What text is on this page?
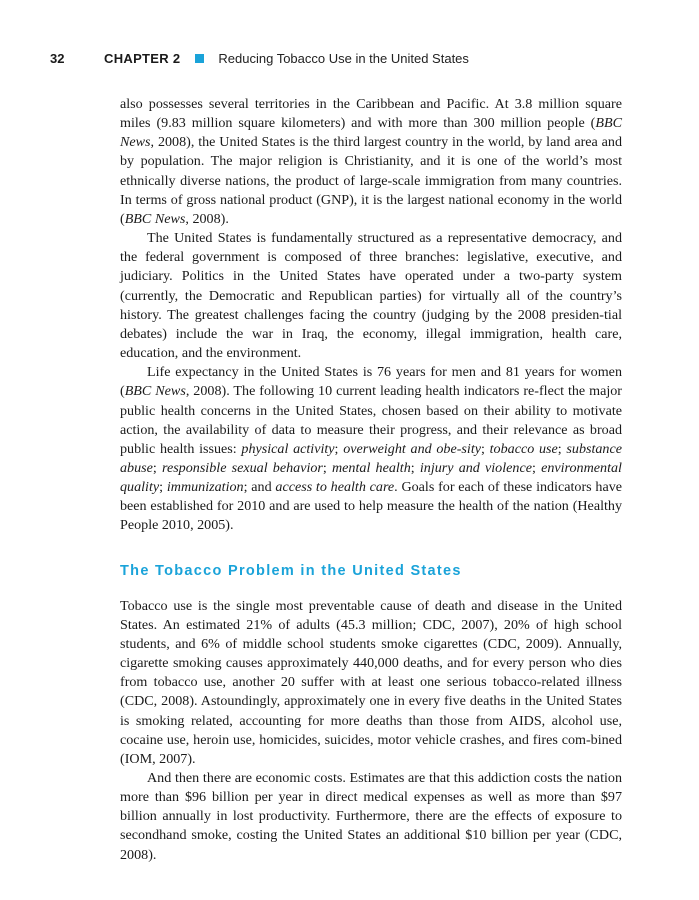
32	CHAPTER 2	Reducing Tobacco Use in the United States

also possesses several territories in the Caribbean and Pacific. At 3.8 million square miles (9.83 million square kilometers) and with more than 300 million people (BBC News, 2008), the United States is the third largest country in the world, by land area and by population. The major religion is Christianity, and it is one of the world’s most ethnically diverse nations, the product of large-scale immigration from many countries. In terms of gross national product (GNP), it is the largest national economy in the world (BBC News, 2008).

The United States is fundamentally structured as a representative democracy, and the federal government is composed of three branches: legislative, executive, and judiciary. Politics in the United States have operated under a two-party system (currently, the Democratic and Republican parties) for virtually all of the country’s history. The greatest challenges facing the country (judging by the 2008 presiden-tial debates) include the war in Iraq, the economy, illegal immigration, health care, education, and the environment.

Life expectancy in the United States is 76 years for men and 81 years for women (BBC News, 2008). The following 10 current leading health indicators re-flect the major public health concerns in the United States, chosen based on their ability to motivate action, the availability of data to measure their progress, and their relevance as broad public health issues: physical activity; overweight and obe-sity; tobacco use; substance abuse; responsible sexual behavior; mental health; injury and violence; environmental quality; immunization; and access to health care. Goals for each of these indicators have been established for 2010 and are used to help measure the health of the nation (Healthy People 2010, 2005).

The Tobacco Problem in the United States

Tobacco use is the single most preventable cause of death and disease in the United States. An estimated 21% of adults (45.3 million; CDC, 2007), 20% of high school students, and 6% of middle school students smoke cigarettes (CDC, 2009). Annually, cigarette smoking causes approximately 440,000 deaths, and for every person who dies from tobacco use, another 20 suffer with at least one serious tobacco-related illness (CDC, 2008). Astoundingly, approximately one in every five deaths in the United States is smoking related, accounting for more deaths than those from AIDS, alcohol use, cocaine use, heroin use, homicides, suicides, motor vehicle crashes, and fires com-bined (IOM, 2007).

And then there are economic costs. Estimates are that this addiction costs the nation more than $96 billion per year in direct medical expenses as well as more than $97 billion annually in lost productivity. Furthermore, there are the effects of exposure to secondhand smoke, costing the United States an additional $10 billion per year (CDC, 2008).
